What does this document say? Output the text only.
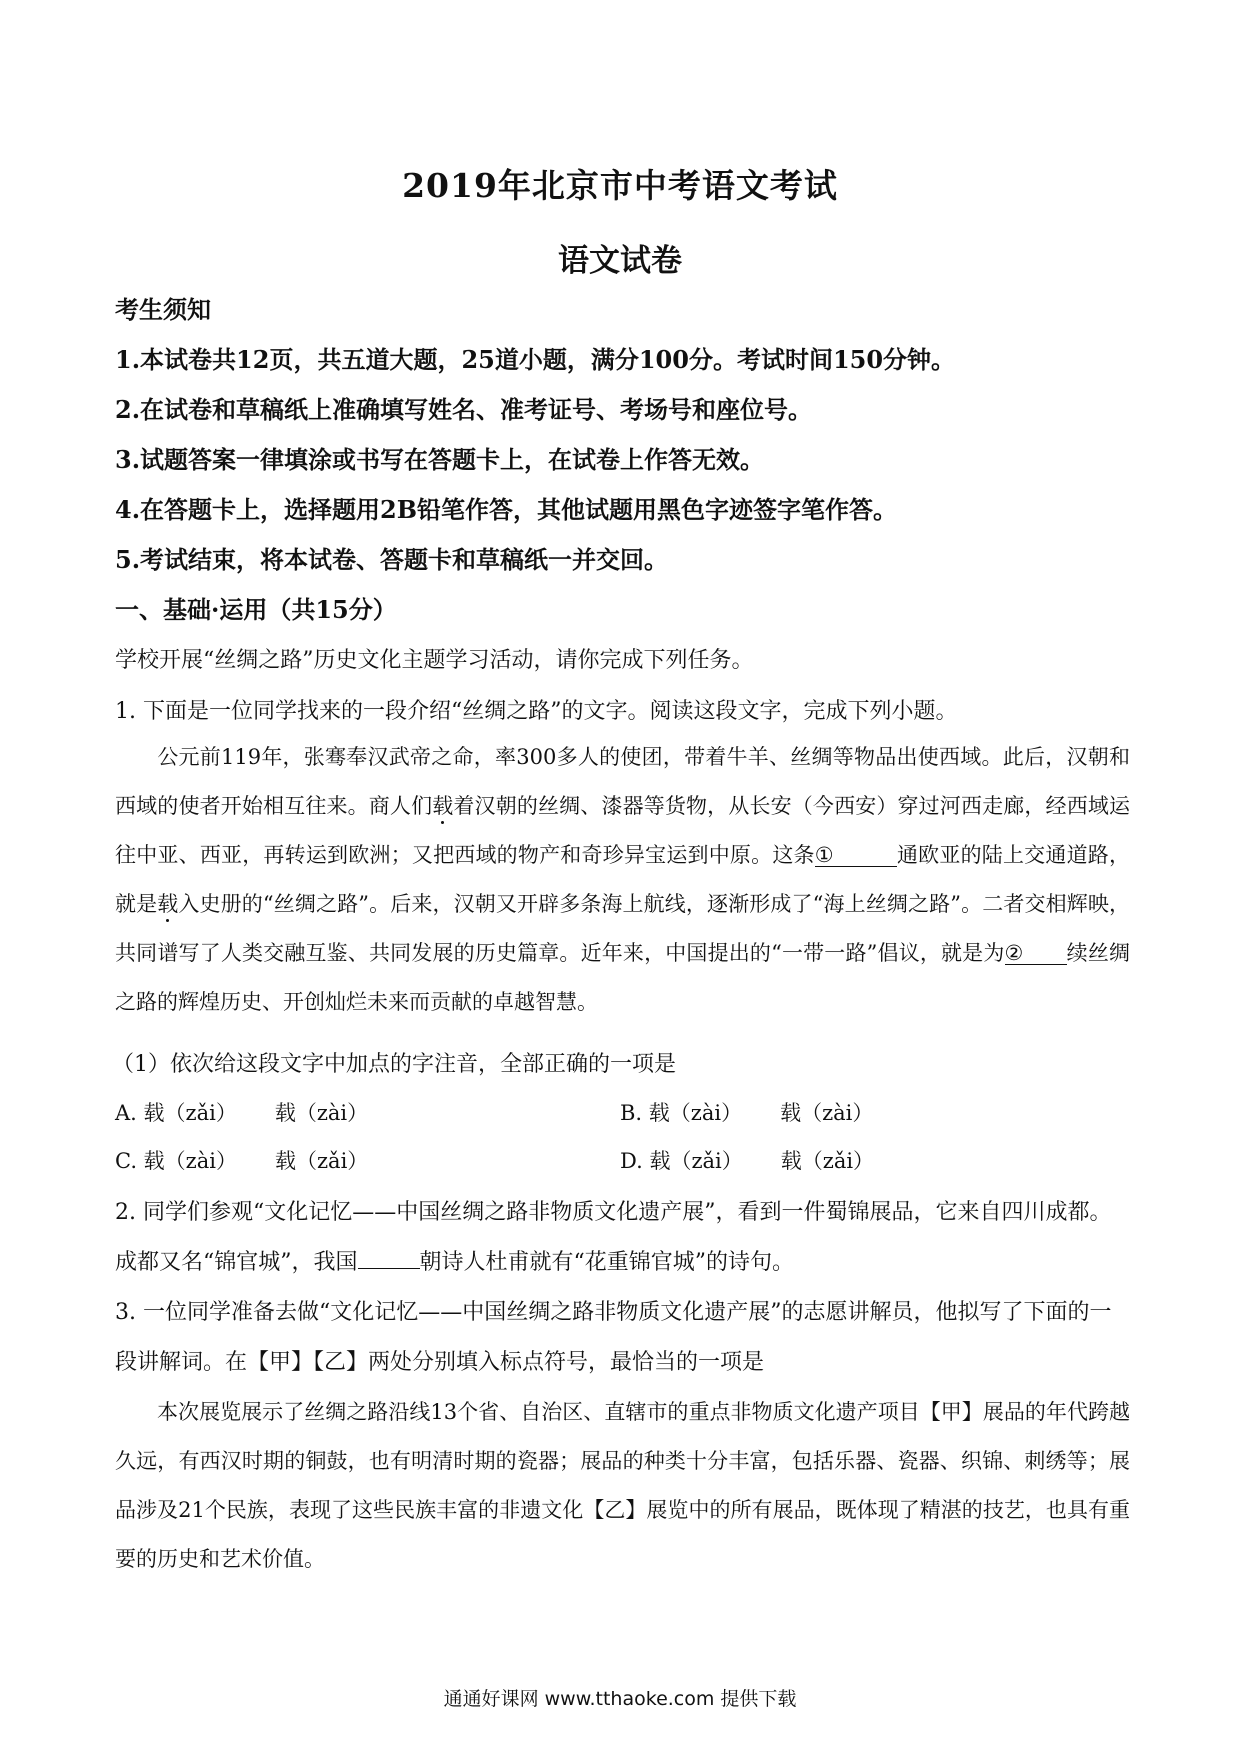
2019年北京市中考语文考试
语文试卷
考生须知
1.本试卷共12页，共五道大题，25道小题，满分100分。考试时间150分钟。
2.在试卷和草稿纸上准确填写姓名、准考证号、考场号和座位号。
3.试题答案一律填涂或书写在答题卡上，在试卷上作答无效。
4.在答题卡上，选择题用2B铅笔作答，其他试题用黑色字迹签字笔作答。
5.考试结束，将本试卷、答题卡和草稿纸一并交回。
一、基础·运用（共15分）
学校开展“丝绸之路”历史文化主题学习活动，请你完成下列任务。
1. 下面是一位同学找来的一段介绍“丝绸之路”的文字。阅读这段文字，完成下列小题。
公元前119年，张骞奉汉武帝之命，率300多人的使团，带着牛羊、丝绸等物品出使西域。此后，汉朝和西域的使者开始相互往来。商人们载着汉朝的丝绸、漆器等货物，从长安（今西安）穿过河西走廊，经西域运往中亚、西亚，再转运到欧洲；又把西域的物产和奇珍异宝运到中原。这条①	通欧亚的陆上交通道路，就是载入史册的“丝绸之路”。后来，汉朝又开辟多条海上航线，逐渐形成了“海上丝绸之路”。二者交相辉映，共同谱写了人类交融互鉴、共同发展的历史篇章。近年来，中国提出的“一带一路”倡议，就是为② 续丝绸之路的辉煌历史、开创灿烂未来而贡献的卓越智慧。
（1）依次给这段文字中加点的字注音，全部正确的一项是
A. 载（zǎi） 载（zài）	B. 载（zài） 载（zài）
C. 载（zài） 载（zǎi）	D. 载（zǎi） 载（zǎi）
2. 同学们参观“文化记忆——中国丝绸之路非物质文化遗产展”，看到一件蜀锦展品，它来自四川成都。
成都又名“锦官城”，我国	朝诗人杜甫就有“花重锦官城”的诗句。
3. 一位同学准备去做“文化记忆——中国丝绸之路非物质文化遗产展”的志愿讲解员，他拟写了下面的一
段讲解词。在【甲】【乙】两处分别填入标点符号，最恰当的一项是
本次展览展示了丝绸之路沿线13个省、自治区、直辖市的重点非物质文化遗产项目【甲】展品的年代跨越久远，有西汉时期的铜鼓，也有明清时期的瓷器；展品的种类十分丰富，包括乐器、瓷器、织锦、刺绣等；展品涉及21个民族，表现了这些民族丰富的非遗文化【乙】展览中的所有展品，既体现了精湛的技艺，也具有重要的历史和艺术价值。
通通好课网 www.tthaoke.com 提供下载
